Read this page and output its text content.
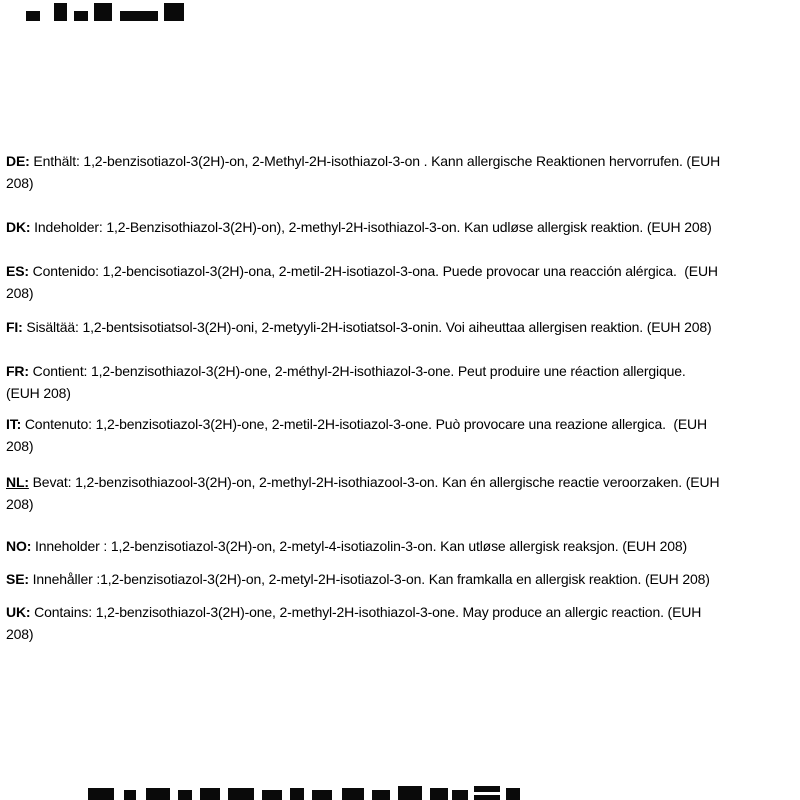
DE: Enthält: 1,2-benzisotiazol-3(2H)-on, 2-Methyl-2H-isothiazol-3-on . Kann allergische Reaktionen hervorrufen. (EUH
208)

DK: Indeholder: 1,2-Benzisothiazol-3(2H)-on), 2-methyl-2H-isothiazol-3-on. Kan udløse allergisk reaktion. (EUH 208)

ES: Contenido: 1,2-bencisotiazol-3(2H)-ona, 2-metil-2H-isotiazol-3-ona. Puede provocar una reacción alérgica.  (EUH
208)

FI: Sisältää: 1,2-bentsisotiatsol-3(2H)-oni, 2-metyyli-2H-isotiatsol-3-onin. Voi aiheuttaa allergisen reaktion. (EUH 208)

FR: Contient: 1,2-benzisothiazol-3(2H)-one, 2-méthyl-2H-isothiazol-3-one. Peut produire une réaction allergique.
(EUH 208)

IT: Contenuto: 1,2-benzisotiazol-3(2H)-one, 2-metil-2H-isotiazol-3-one. Può provocare una reazione allergica.  (EUH
208)

NL: Bevat: 1,2-benzisothiazool-3(2H)-on, 2-methyl-2H-isothiazool-3-on. Kan én allergische reactie veroorzaken. (EUH
208)

NO: Inneholder : 1,2-benzisotiazol-3(2H)-on, 2-metyl-4-isotiazolin-3-on. Kan utløse allergisk reaksjon. (EUH 208)

SE: Innehåller :1,2-benzisotiazol-3(2H)-on, 2-metyl-2H-isotiazol-3-on. Kan framkalla en allergisk reaktion. (EUH 208)

UK: Contains: 1,2-benzisothiazol-3(2H)-one, 2-methyl-2H-isothiazol-3-one. May produce an allergic reaction. (EUH
208)
